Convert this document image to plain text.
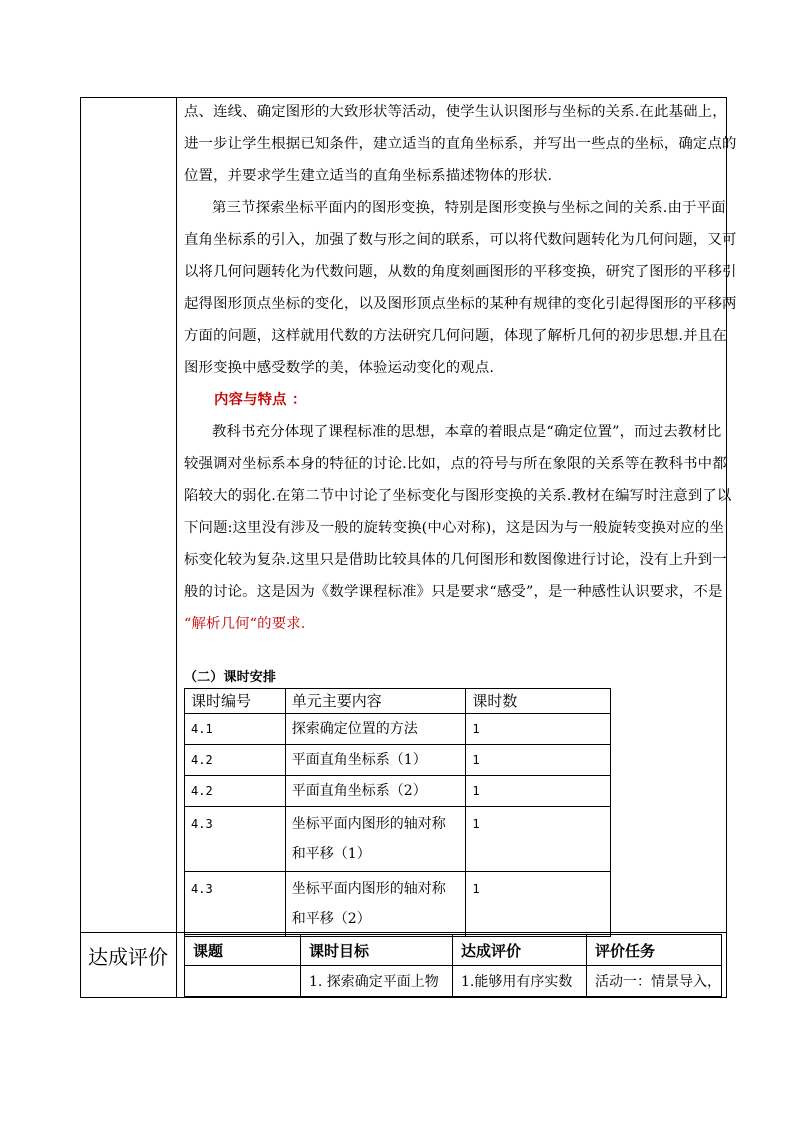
点、连线、确定图形的大致形状等活动，使学生认识图形与坐标的关系.在此基础上，
进一步让学生根据已知条件，建立适当的直角坐标系，并写出一些点的坐标，确定点的
位置，并要求学生建立适当的直角坐标系描述物体的形状.
第三节探索坐标平面内的图形变换，特别是图形变换与坐标之间的关系.由于平面
直角坐标系的引入，加强了数与形之间的联系，可以将代数问题转化为几何问题，又可
以将几何问题转化为代数问题，从数的角度刻画图形的平移变换，研究了图形的平移引
起得图形顶点坐标的变化，以及图形顶点坐标的某种有规律的变化引起得图形的平移两
方面的问题，这样就用代数的方法研究几何问题，体现了解析几何的初步思想.并且在
图形变换中感受数学的美，体验运动变化的观点.
内容与特点 ：
教科书充分体现了课程标准的思想，本章的着眼点是“确定位置”，而过去教材比
较强调对坐标系本身的特征的讨论.比如，点的符号与所在象限的关系等在教科书中都
陷较大的弱化.在第二节中讨论了坐标变化与图形变换的关系.教材在编写时注意到了以
下问题:这里没有涉及一般的旋转变换(中心对称)，这是因为与一般旋转变换对应的坐
标变化较为复杂.这里只是借助比较具体的几何图形和数图像进行讨论，没有上升到一
般的讨论。这是因为《数学课程标准》只是要求“感受”，是一种感性认识要求，不是
“解析几何“的要求.
（二）课时安排
课时编号	单元主要内容	课时数
4.1	探索确定位置的方法	1
4.2	平面直角坐标系（1）	1
4.2	平面直角坐标系（2）	1
4.3	坐标平面内图形的轴对称
和平移（1）	1
4.3	坐标平面内图形的轴对称
和平移（2）	1
达成评价 课题	课时目标	达成评价	评价任务
	1. 探索确定平面上物	1.能够用有序实数	活动一：情景导入，
